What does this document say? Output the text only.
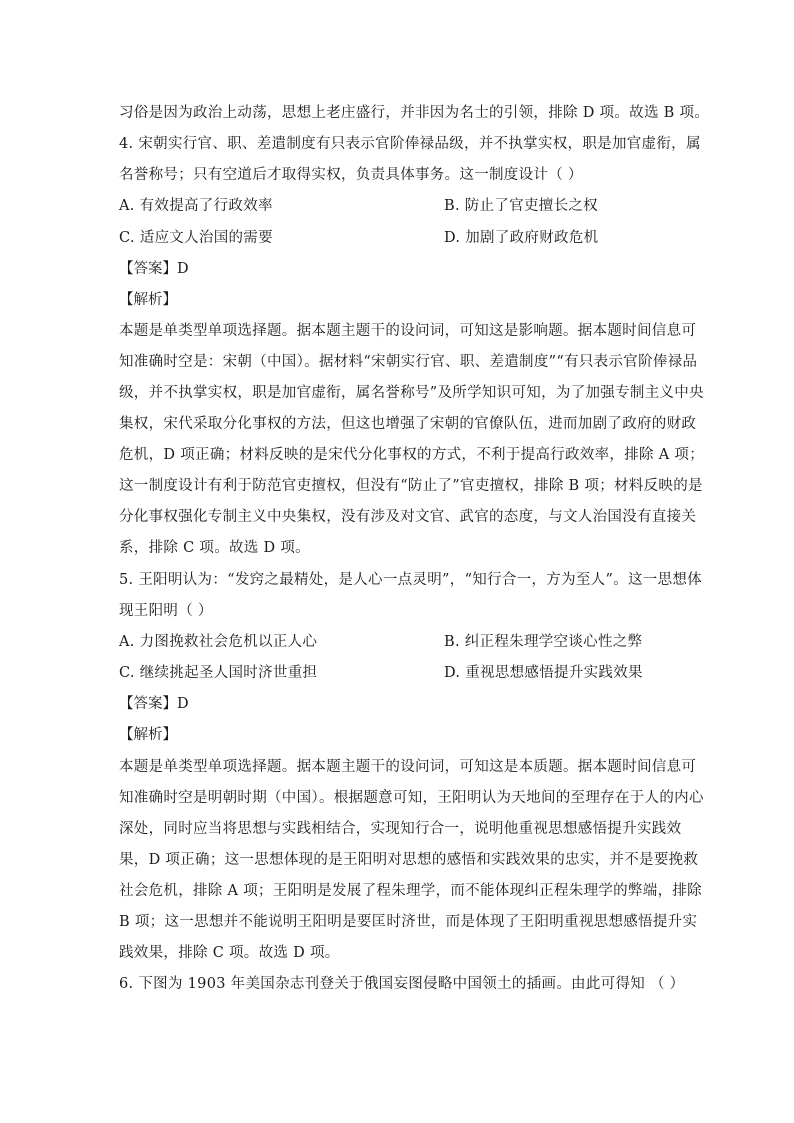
习俗是因为政治上动荡，思想上老庄盛行，并非因为名士的引领，排除 D 项。故选 B 项。
4. 宋朝实行官、职、差遣制度有只表示官阶俸禄品级，并不执掌实权，职是加官虚衔，属
名誉称号；只有空道后才取得实权，负责具体事务。这一制度设计（ ）
A. 有效提高了行政效率	B. 防止了官吏擅长之权
C. 适应文人治国的需要	D. 加剧了政府财政危机
【答案】D
【解析】
本题是单类型单项选择题。据本题主题干的设问词，可知这是影响题。据本题时间信息可
知准确时空是：宋朝（中国）。据材料“宋朝实行官、职、差遣制度”“有只表示官阶俸禄品
级，并不执掌实权，职是加官虚衔，属名誉称号”及所学知识可知，为了加强专制主义中央
集权，宋代采取分化事权的方法，但这也增强了宋朝的官僚队伍，进而加剧了政府的财政
危机，D 项正确；材料反映的是宋代分化事权的方式，不利于提高行政效率，排除 A 项；
这一制度设计有利于防范官吏擅权，但没有“防止了”官吏擅权，排除 B 项；材料反映的是
分化事权强化专制主义中央集权，没有涉及对文官、武官的态度，与文人治国没有直接关
系，排除 C 项。故选 D 项。
5. 王阳明认为：“发窍之最精处，是人心一点灵明”，“知行合一，方为至人”。这一思想体
现王阳明（ ）
A. 力图挽救社会危机以正人心	B. 纠正程朱理学空谈心性之弊
C. 继续挑起圣人国时济世重担	D. 重视思想感悟提升实践效果
【答案】D
【解析】
本题是单类型单项选择题。据本题主题干的设问词，可知这是本质题。据本题时间信息可
知准确时空是明朝时期（中国）。根据题意可知，王阳明认为天地间的至理存在于人的内心
深处，同时应当将思想与实践相结合，实现知行合一，说明他重视思想感悟提升实践效
果，D 项正确；这一思想体现的是王阳明对思想的感悟和实践效果的忠实，并不是要挽救
社会危机，排除 A 项；王阳明是发展了程朱理学，而不能体现纠正程朱理学的弊端，排除
B 项；这一思想并不能说明王阳明是要匡时济世，而是体现了王阳明重视思想感悟提升实
践效果，排除 C 项。故选 D 项。
6. 下图为 1903 年美国杂志刊登关于俄国妄图侵略中国领土的插画。由此可得知 （ ）
